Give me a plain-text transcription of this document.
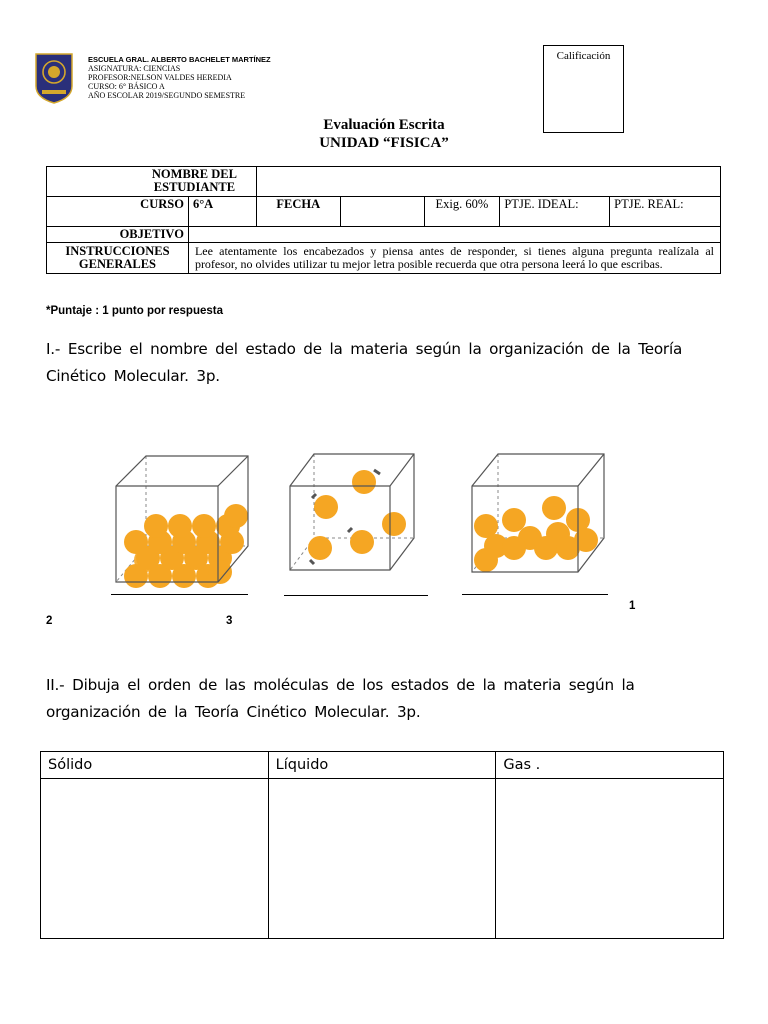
ESCUELA GRAL. ALBERTO BACHELET MARTÍNEZ
ASIGNATURA: CIENCIAS
PROFESOR:NELSON VALDES HEREDIA
CURSO: 6° BÁSICO A
AÑO ESCOLAR 2019/SEGUNDO SEMESTRE
Calificación
Evaluación Escrita
UNIDAD “FISICA”
NOMBRE DEL ESTUDIANTE						
CURSO	6°A	FECHA		Exig. 60%	PTJE. IDEAL:	PTJE. REAL:
OBJETIVO						
INSTRUCCIONES GENERALES	Lee atentamente los encabezados y piensa antes de responder, si tienes alguna pregunta realízala al profesor, no olvides utilizar tu mejor letra posible recuerda que otra persona leerá lo que escribas.					
*Puntaje : 1 punto por respuesta
I.- Escribe el nombre del estado de la materia según la organización de la Teoría Cinético Molecular. 3p.
1
2	3
II.- Dibuja el orden de las moléculas de los estados de la materia según la organización de la Teoría Cinético Molecular. 3p.
Sólido	Líquido	Gas .
